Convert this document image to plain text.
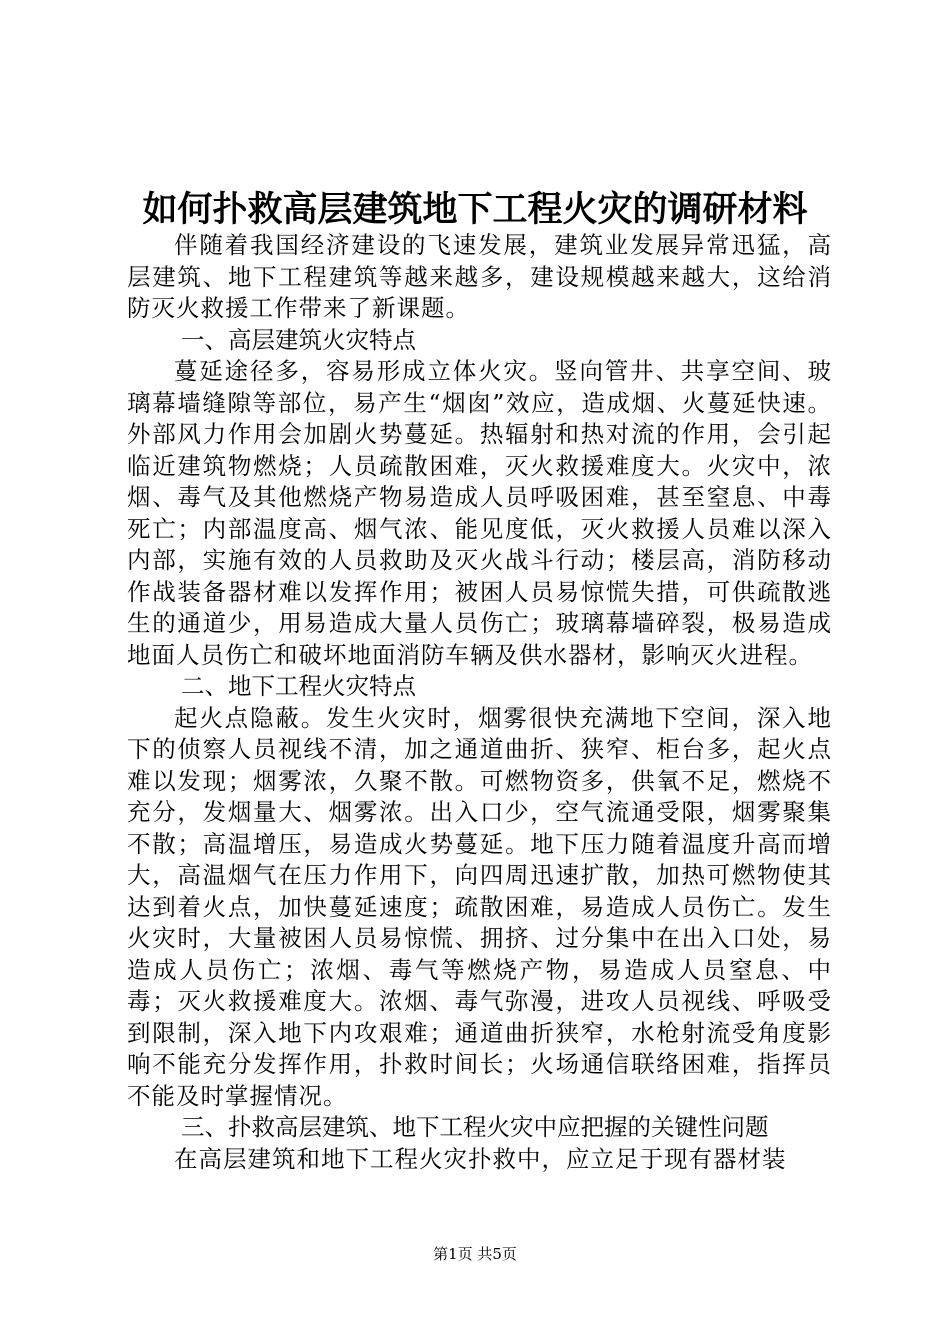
如何扑救高层建筑地下工程火灾的调研材料

伴随着我国经济建设的飞速发展，建筑业发展异常迅猛，高层建筑、地下工程建筑等越来越多，建设规模越来越大，这给消防灭火救援工作带来了新课题。

一、高层建筑火灾特点

蔓延途径多，容易形成立体火灾。竖向管井、共享空间、玻璃幕墙缝隙等部位，易产生“烟囱”效应，造成烟、火蔓延快速。外部风力作用会加剧火势蔓延。热辐射和热对流的作用，会引起临近建筑物燃烧；人员疏散困难，灭火救援难度大。火灾中，浓烟、毒气及其他燃烧产物易造成人员呼吸困难，甚至窒息、中毒死亡；内部温度高、烟气浓、能见度低，灭火救援人员难以深入内部，实施有效的人员救助及灭火战斗行动；楼层高，消防移动作战装备器材难以发挥作用；被困人员易惊慌失措，可供疏散逃生的通道少，用易造成大量人员伤亡；玻璃幕墙碎裂，极易造成地面人员伤亡和破坏地面消防车辆及供水器材，影响灭火进程。

二、地下工程火灾特点

起火点隐蔽。发生火灾时，烟雾很快充满地下空间，深入地下的侦察人员视线不清，加之通道曲折、狭窄、柜台多，起火点难以发现；烟雾浓，久聚不散。可燃物资多，供氧不足，燃烧不充分，发烟量大、烟雾浓。出入口少，空气流通受限，烟雾聚集不散；高温增压，易造成火势蔓延。地下压力随着温度升高而增大，高温烟气在压力作用下，向四周迅速扩散，加热可燃物使其达到着火点，加快蔓延速度；疏散困难，易造成人员伤亡。发生火灾时，大量被困人员易惊慌、拥挤、过分集中在出入口处，易造成人员伤亡；浓烟、毒气等燃烧产物，易造成人员窒息、中毒；灭火救援难度大。浓烟、毒气弥漫，进攻人员视线、呼吸受到限制，深入地下内攻艰难；通道曲折狭窄，水枪射流受角度影响不能充分发挥作用，扑救时间长；火场通信联络困难，指挥员不能及时掌握情况。

三、扑救高层建筑、地下工程火灾中应把握的关键性问题

在高层建筑和地下工程火灾扑救中，应立足于现有器材装

第1页 共5页
